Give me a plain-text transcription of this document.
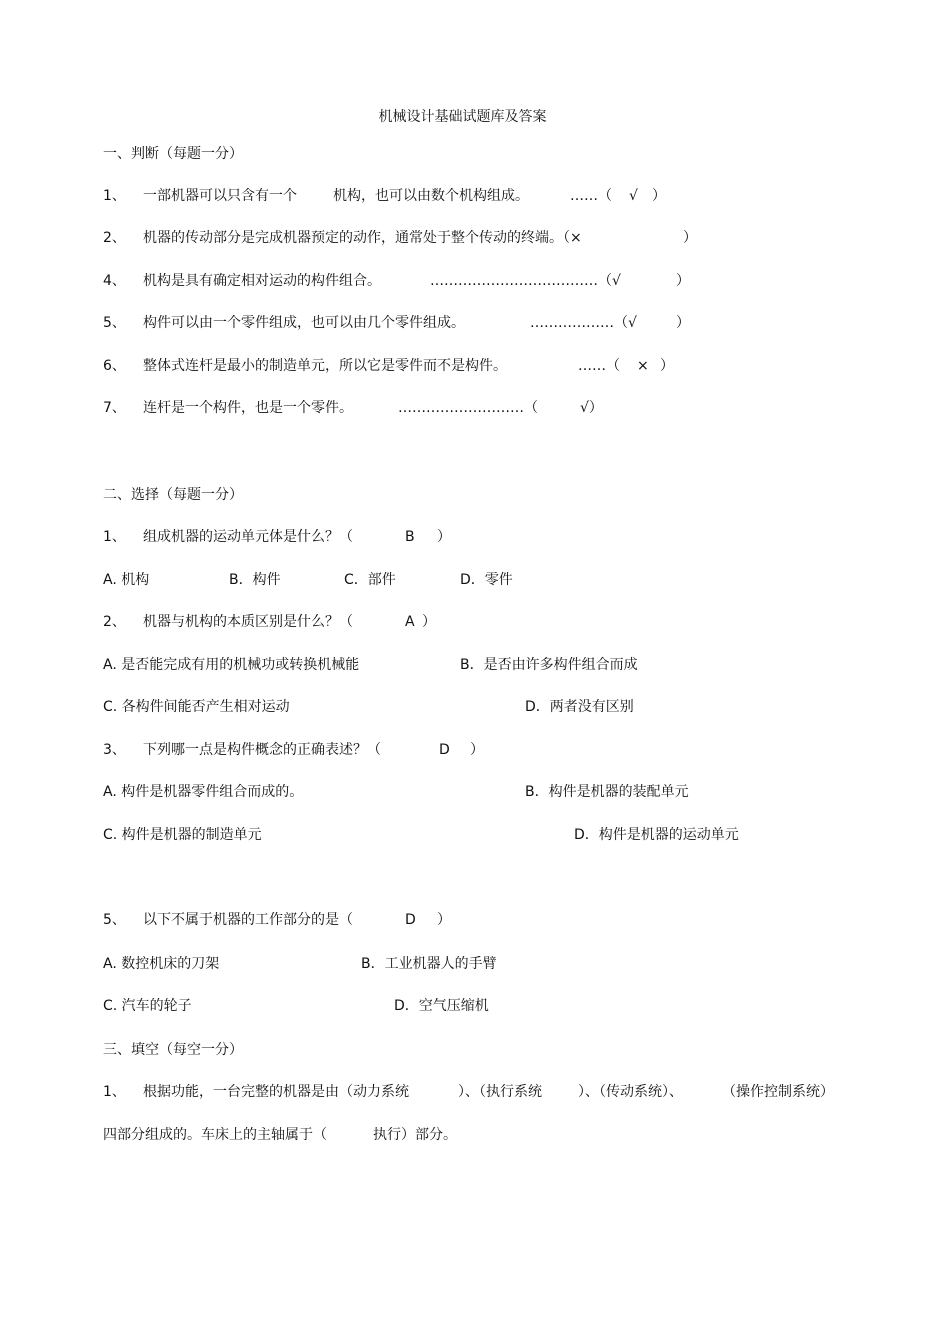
机械设计基础试题库及答案
一、判断（每题一分）
1、 一部机器可以只含有一个	机构，也可以由数个机构组成。	……（ √ ）
2、 机器的传动部分是完成机器预定的动作，通常处于整个传动的终端。（×	）
4、 机构是具有确定相对运动的构件组合。	………………………………（√	）
5、 构件可以由一个零件组成，也可以由几个零件组成。	………………（√	）
6、 整体式连杆是最小的制造单元，所以它是零件而不是构件。	……（ × ）
7、 连杆是一个构件，也是一个零件。	………………………（	√）
二、选择（每题一分）
1、 组成机器的运动单元体是什么？（	B ）
A. 机构	B．构件	C．部件	D．零件
2、 机器与机构的本质区别是什么？（	A ）
A. 是否能完成有用的机械功或转换机械能	B．是否由许多构件组合而成
C. 各构件间能否产生相对运动	D．两者没有区别
3、 下列哪一点是构件概念的正确表述？（	D ）
A. 构件是机器零件组合而成的。	B．构件是机器的装配单元
C. 构件是机器的制造单元	D．构件是机器的运动单元
5、 以下不属于机器的工作部分的是（	D ）
A. 数控机床的刀架	B．工业机器人的手臂
C. 汽车的轮子	D．空气压缩机
三、填空（每空一分）
1、 根据功能，一台完整的机器是由（动力系统	）、（执行系统	）、（传动系统）、	（操作控制系统）
四部分组成的。车床上的主轴属于（	执行）部分。
